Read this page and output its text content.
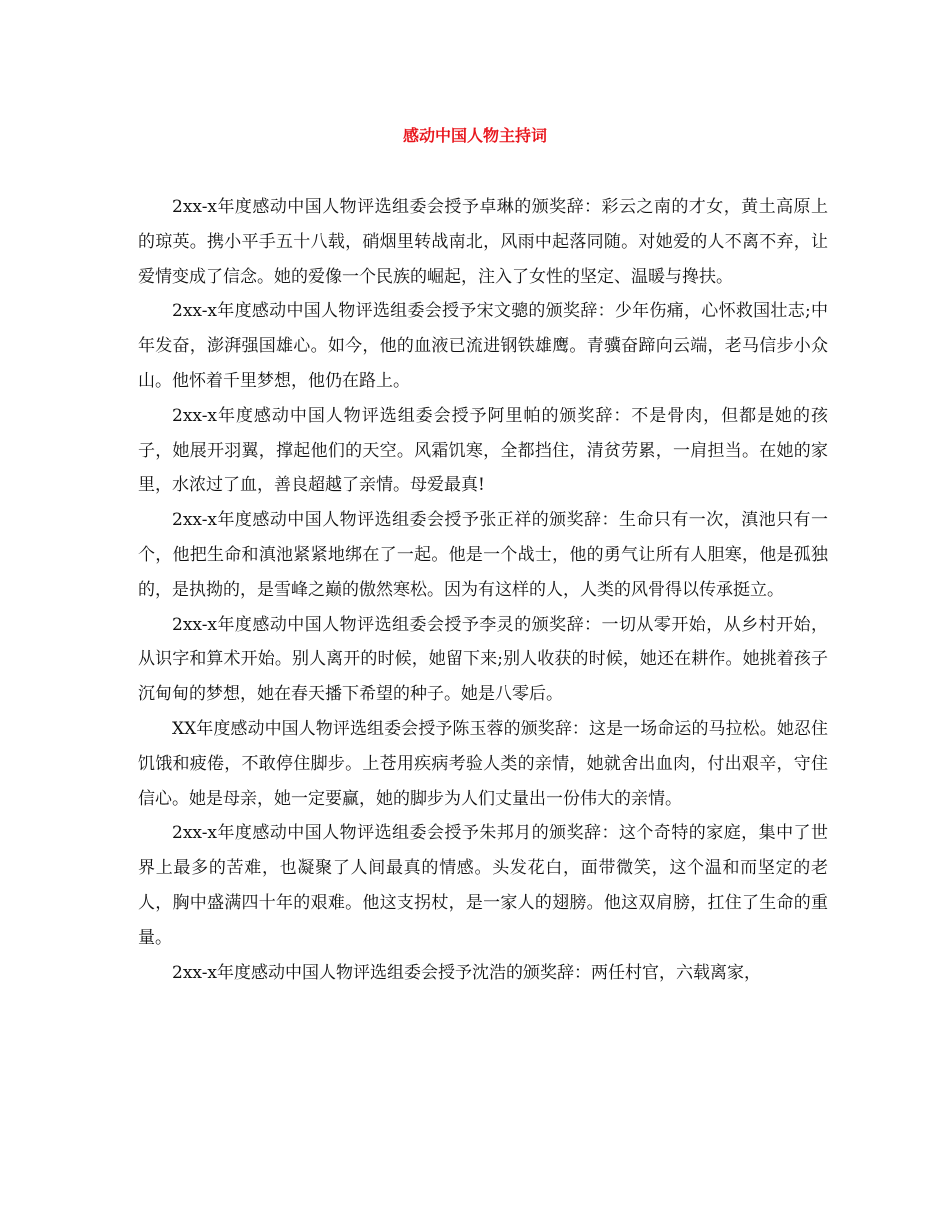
感动中国人物主持词

2xx-x年度感动中国人物评选组委会授予卓琳的颁奖辞：彩云之南的才女，黄土高原上的琼英。携小平手五十八载，硝烟里转战南北，风雨中起落同随。对她爱的人不离不弃，让爱情变成了信念。她的爱像一个民族的崛起，注入了女性的坚定、温暖与搀扶。

2xx-x年度感动中国人物评选组委会授予宋文骢的颁奖辞：少年伤痛，心怀救国壮志;中年发奋，澎湃强国雄心。如今，他的血液已流进钢铁雄鹰。青骥奋蹄向云端，老马信步小众山。他怀着千里梦想，他仍在路上。

2xx-x年度感动中国人物评选组委会授予阿里帕的颁奖辞：不是骨肉，但都是她的孩子，她展开羽翼，撑起他们的天空。风霜饥寒，全都挡住，清贫劳累，一肩担当。在她的家里，水浓过了血，善良超越了亲情。母爱最真!

2xx-x年度感动中国人物评选组委会授予张正祥的颁奖辞：生命只有一次，滇池只有一个，他把生命和滇池紧紧地绑在了一起。他是一个战士，他的勇气让所有人胆寒，他是孤独的，是执拗的，是雪峰之巅的傲然寒松。因为有这样的人，人类的风骨得以传承挺立。

2xx-x年度感动中国人物评选组委会授予李灵的颁奖辞：一切从零开始，从乡村开始，从识字和算术开始。别人离开的时候，她留下来;别人收获的时候，她还在耕作。她挑着孩子沉甸甸的梦想，她在春天播下希望的种子。她是八零后。

XX年度感动中国人物评选组委会授予陈玉蓉的颁奖辞：这是一场命运的马拉松。她忍住饥饿和疲倦，不敢停住脚步。上苍用疾病考验人类的亲情，她就舍出血肉，付出艰辛，守住信心。她是母亲，她一定要赢，她的脚步为人们丈量出一份伟大的亲情。

2xx-x年度感动中国人物评选组委会授予朱邦月的颁奖辞：这个奇特的家庭，集中了世界上最多的苦难，也凝聚了人间最真的情感。头发花白，面带微笑，这个温和而坚定的老人，胸中盛满四十年的艰难。他这支拐杖，是一家人的翅膀。他这双肩膀，扛住了生命的重量。

2xx-x年度感动中国人物评选组委会授予沈浩的颁奖辞：两任村官，六载离家，
